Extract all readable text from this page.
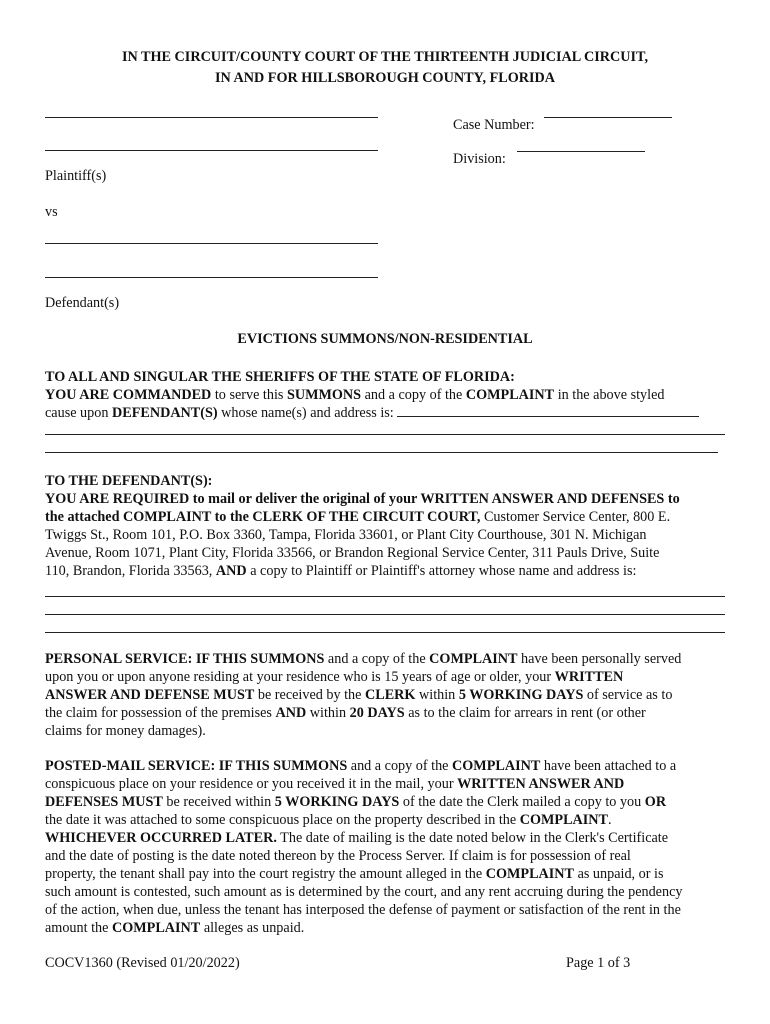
IN THE CIRCUIT/COUNTY COURT OF THE THIRTEENTH JUDICIAL CIRCUIT,
IN AND FOR HILLSBOROUGH COUNTY, FLORIDA
Plaintiff(s)
vs
Defendant(s)
Case Number:
Division:
EVICTIONS SUMMONS/NON-RESIDENTIAL
TO ALL AND SINGULAR THE SHERIFFS OF THE STATE OF FLORIDA:
YOU ARE COMMANDED to serve this SUMMONS and a copy of the COMPLAINT in the above styled
cause upon DEFENDANT(S) whose name(s) and address is:
TO THE DEFENDANT(S):
YOU ARE REQUIRED to mail or deliver the original of your WRITTEN ANSWER AND DEFENSES to
the attached COMPLAINT to the CLERK OF THE CIRCUIT COURT, Customer Service Center, 800 E.
Twiggs St., Room 101, P.O. Box 3360, Tampa, Florida 33601, or Plant City Courthouse, 301 N. Michigan
Avenue, Room 1071, Plant City, Florida 33566, or Brandon Regional Service Center, 311 Pauls Drive, Suite
110, Brandon, Florida 33563, AND a copy to Plaintiff or Plaintiff's attorney whose name and address is:
PERSONAL SERVICE: IF THIS SUMMONS and a copy of the COMPLAINT have been personally served
upon you or upon anyone residing at your residence who is 15 years of age or older, your WRITTEN
ANSWER AND DEFENSE MUST be received by the CLERK within 5 WORKING DAYS of service as to
the claim for possession of the premises AND within 20 DAYS as to the claim for arrears in rent (or other
claims for money damages).
POSTED-MAIL SERVICE: IF THIS SUMMONS and a copy of the COMPLAINT have been attached to a
conspicuous place on your residence or you received it in the mail, your WRITTEN ANSWER AND
DEFENSES MUST be received within 5 WORKING DAYS of the date the Clerk mailed a copy to you OR
the date it was attached to some conspicuous place on the property described in the COMPLAINT.
WHICHEVER OCCURRED LATER. The date of mailing is the date noted below in the Clerk's Certificate
and the date of posting is the date noted thereon by the Process Server. If claim is for possession of real
property, the tenant shall pay into the court registry the amount alleged in the COMPLAINT as unpaid, or is
such amount is contested, such amount as is determined by the court, and any rent accruing during the pendency
of the action, when due, unless the tenant has interposed the defense of payment or satisfaction of the rent in the
amount the COMPLAINT alleges as unpaid.
COCV1360 (Revised 01/20/2022)	Page 1 of 3
